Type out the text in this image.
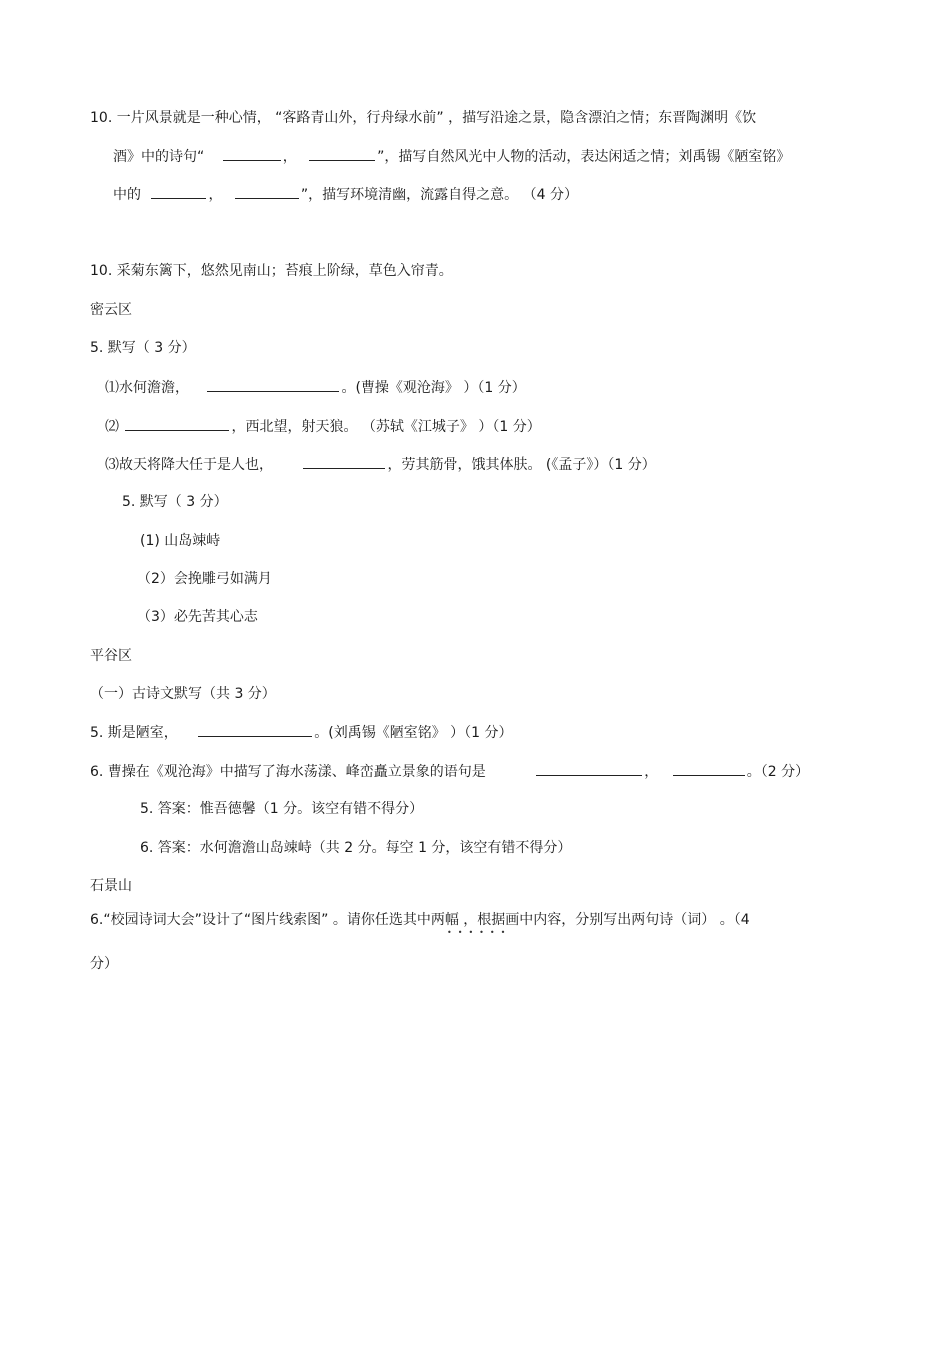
10. 一片风景就是一种心情， “客路青山外，行舟绿水前” ，描写沿途之景，隐含漂泊之情；东晋陶渊明《饮
酒》中的诗句“	，	”，描写自然风光中人物的活动，表达闲适之情；刘禹锡《陋室铭》
中的	，	”，描写环境清幽，流露自得之意。 （4 分）
10. 采菊东篱下，悠然见南山；苔痕上阶绿，草色入帘青。
密云区
5. 默写（ 3 分）
⑴水何澹澹，	。(曹操《观沧海》 ）（1 分）
⑵	，西北望，射天狼。 （苏轼《江城子》 ）（1 分）
⑶故天将降大任于是人也，	，劳其筋骨，饿其体肤。 (《孟子》）（1 分）
5. 默写（ 3 分）
(1) 山岛竦峙
（2）会挽雕弓如满月
（3）必先苦其心志
平谷区
（一）古诗文默写（共 3 分）
5. 斯是陋室，	。(刘禹锡《陋室铭》 ）（1 分）
6. 曹操在《观沧海》中描写了海水荡漾、峰峦矗立景象的语句是	，	。（2 分）
5. 答案：惟吾德馨（1 分。该空有错不得分）
6. 答案：水何澹澹山岛竦峙（共 2 分。每空 1 分，该空有错不得分）
石景山
6.“校园诗词大会”设计了“图片线索图” 。请你任选其中两幅 ，根据画中内容，分别写出两句诗（词） 。（4
••••••
分）
